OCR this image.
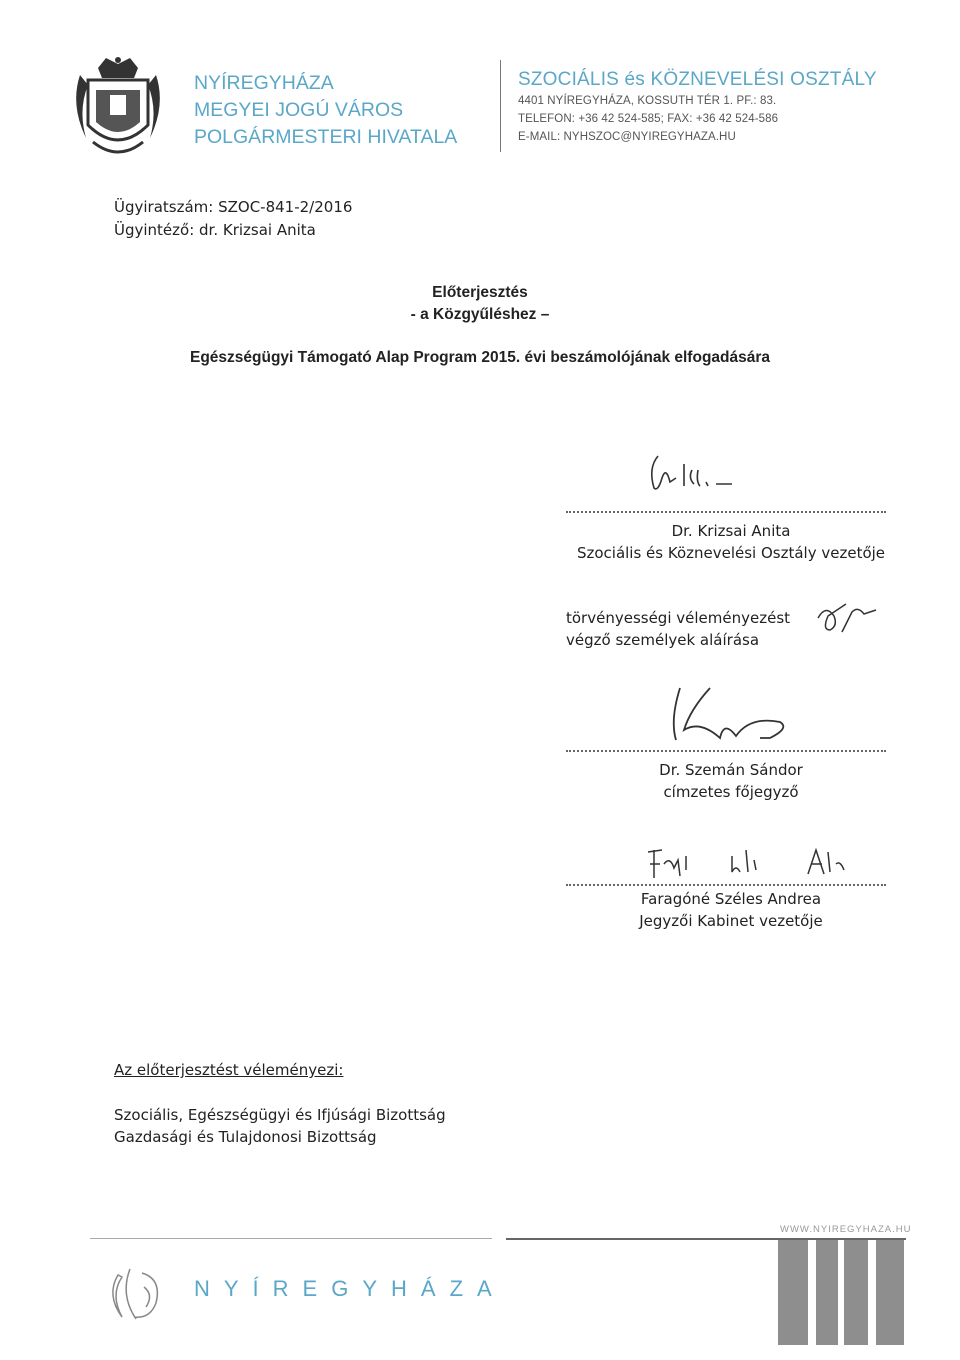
NYÍREGYHÁZA
MEGYEI JOGÚ VÁROS
POLGÁRMESTERI HIVATALA
SZOCIÁLIS és KÖZNEVELÉSI OSZTÁLY
4401 NYÍREGYHÁZA, KOSSUTH TÉR 1. PF.: 83.
TELEFON: +36 42 524-585; FAX: +36 42 524-586
E-MAIL: NYHSZOC@NYIREGYHAZA.HU
Ügyiratszám: SZOC-841-2/2016
Ügyintéző: dr. Krizsai Anita
Előterjesztés
- a Közgyűléshez –
Egészségügyi Támogató Alap Program 2015. évi beszámolójának elfogadására
Dr. Krizsai Anita
Szociális és Köznevelési Osztály vezetője
törvényességi véleményezést
végző személyek aláírása
Dr. Szemán Sándor
címzetes főjegyző
Faragóné Széles Andrea
Jegyzői Kabinet vezetője
Az előterjesztést véleményezi:
Szociális, Egészségügyi és Ifjúsági Bizottság
Gazdasági és Tulajdonosi Bizottság
WWW.NYIREGYHAZA.HU
NYÍREGYHÁZA
